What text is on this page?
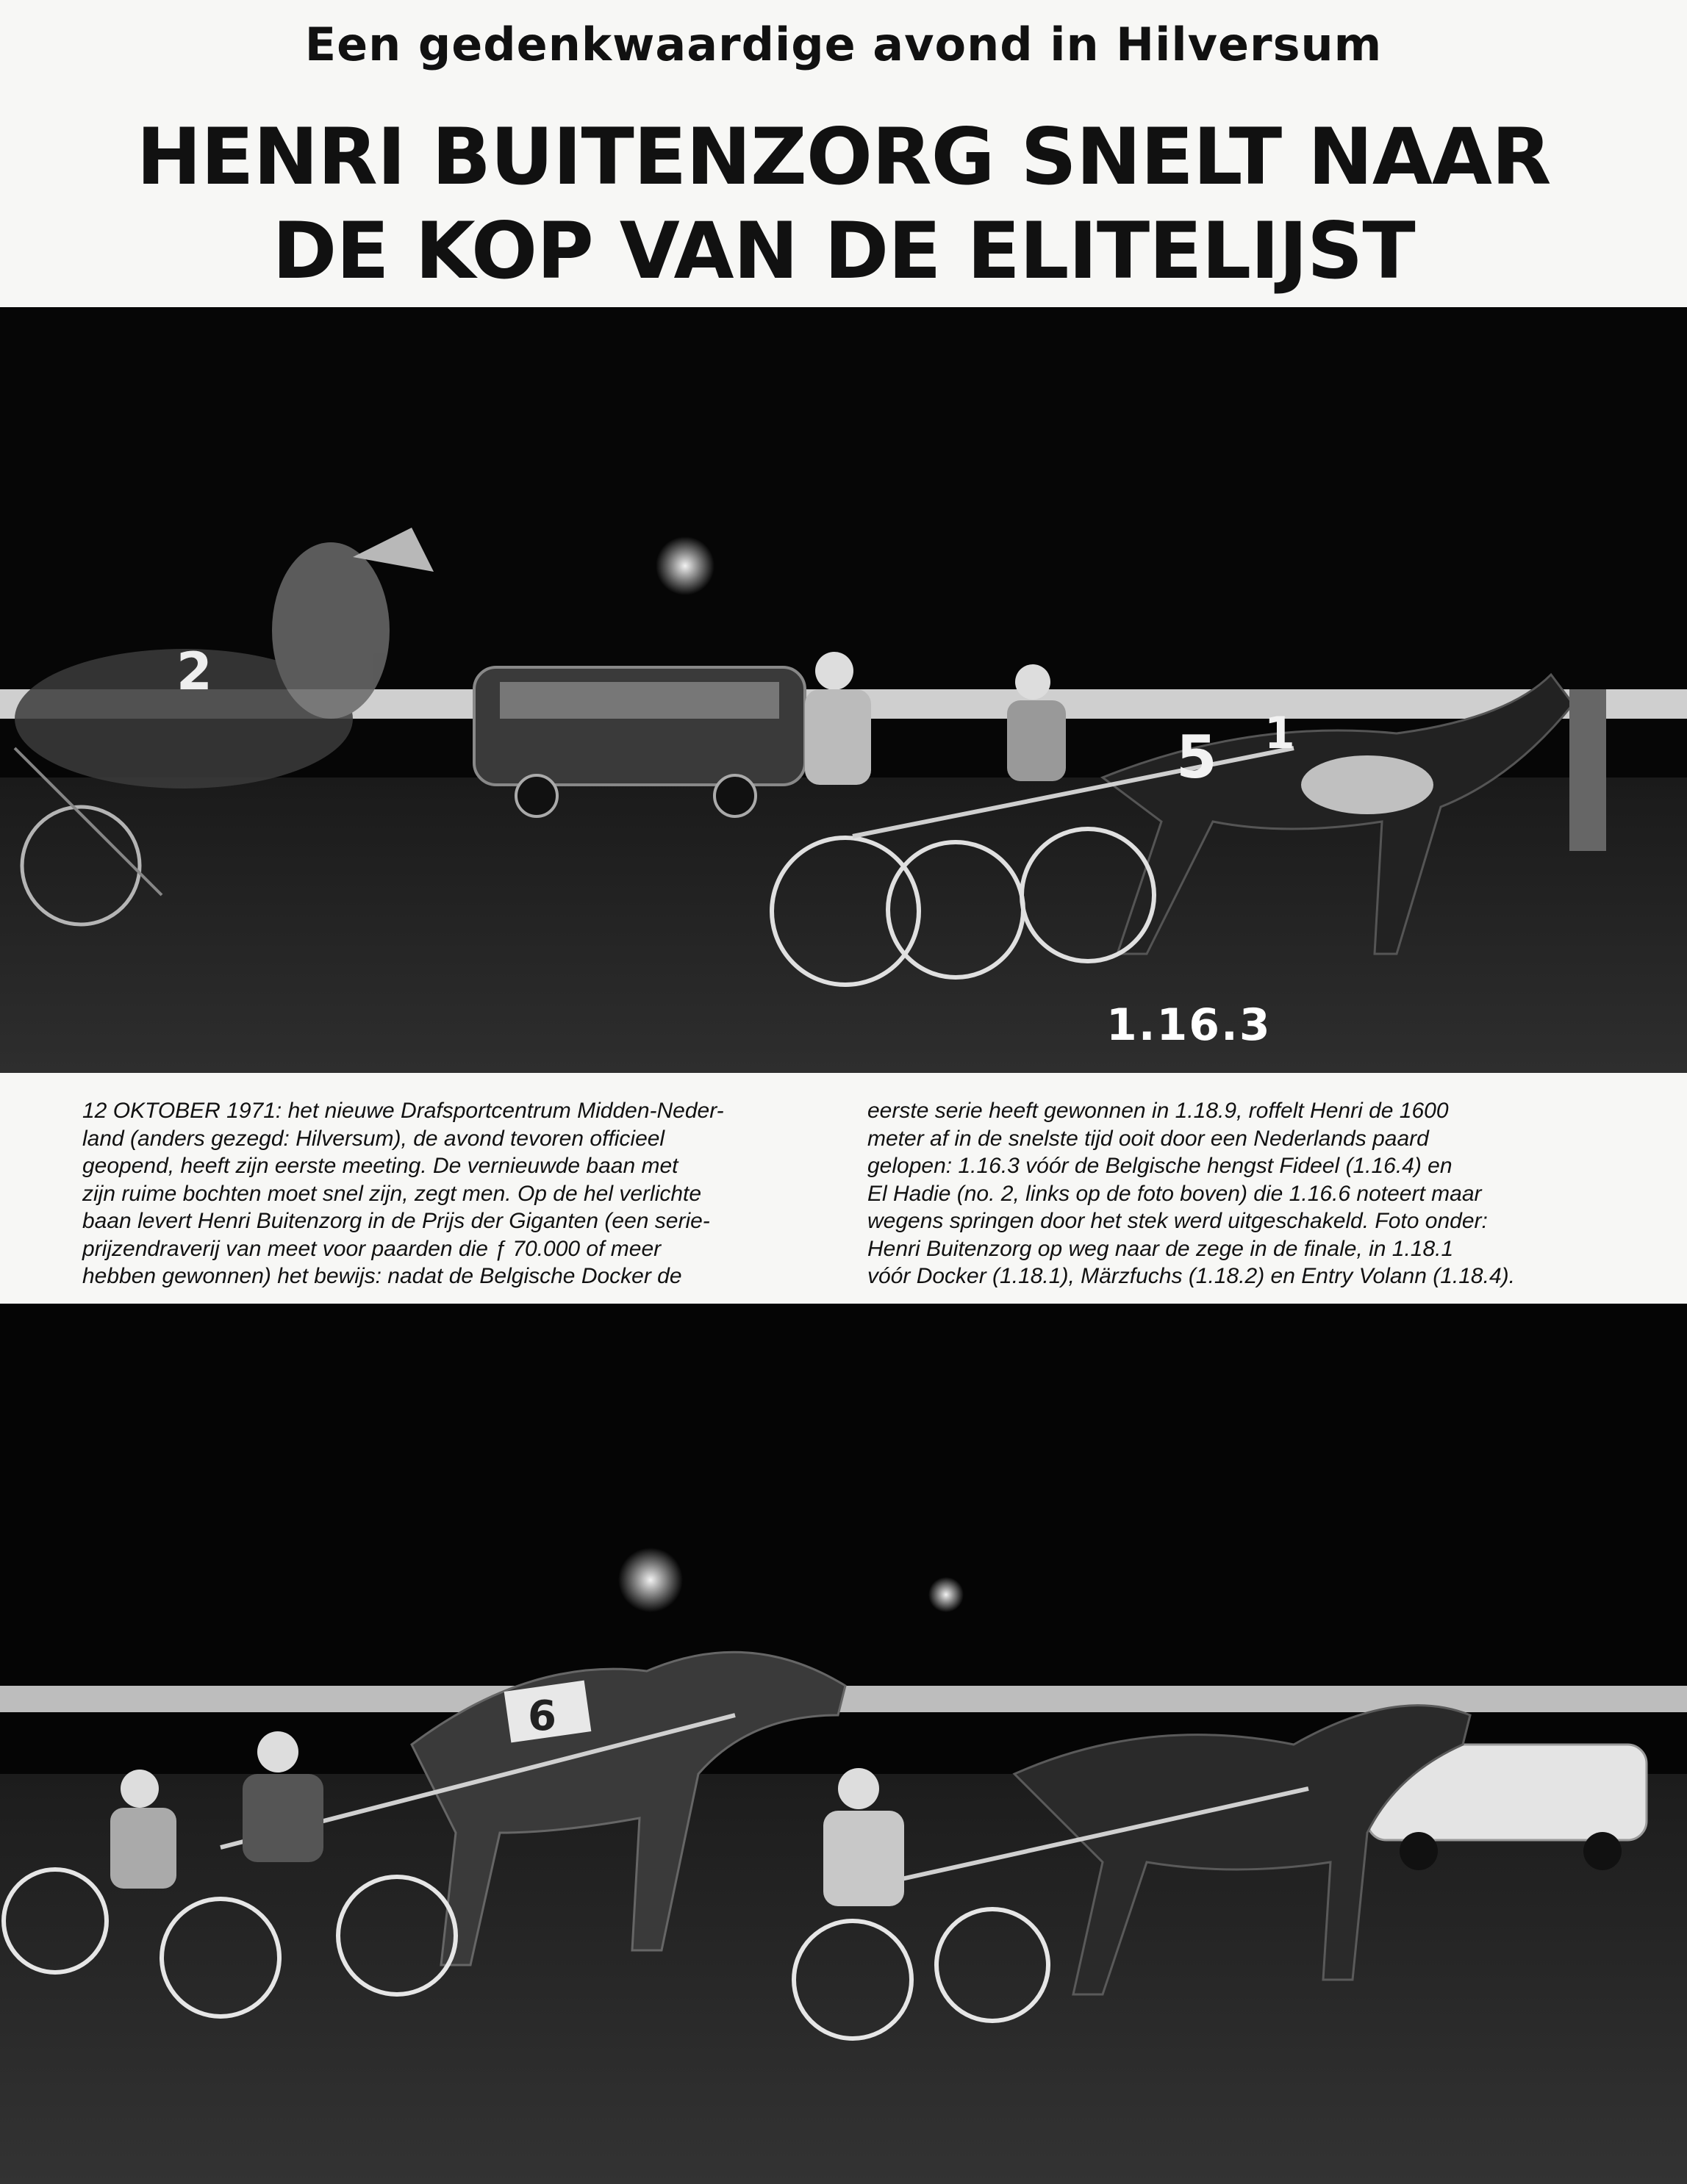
Een gedenkwaardige avond in Hilversum
HENRI BUITENZORG SNELT NAAR
DE KOP VAN DE ELITELIJST
2
5 1
1.16.3

12 OKTOBER 1971: het nieuwe Drafsportcentrum Midden-Neder-

land (anders gezegd: Hilversum), de avond tevoren officieel

geopend, heeft zijn eerste meeting. De vernieuwde baan met

zijn ruime bochten moet snel zijn, zegt men. Op de hel verlichte

baan levert Henri Buitenzorg in de Prijs der Giganten (een serie-

prijzendraverij van meet voor paarden die ƒ 70.000 of meer

hebben gewonnen) het bewijs: nadat de Belgische Docker de

eerste serie heeft gewonnen in 1.18.9, roffelt Henri de 1600

meter af in de snelste tijd ooit door een Nederlands paard

gelopen: 1.16.3 vóór de Belgische hengst Fideel (1.16.4) en

El Hadie (no. 2, links op de foto boven) die 1.16.6 noteert maar

wegens springen door het stek werd uitgeschakeld. Foto onder:

Henri Buitenzorg op weg naar de zege in de finale, in 1.18.1

vóór Docker (1.18.1), Märzfuchs (1.18.2) en Entry Volann (1.18.4).

6
